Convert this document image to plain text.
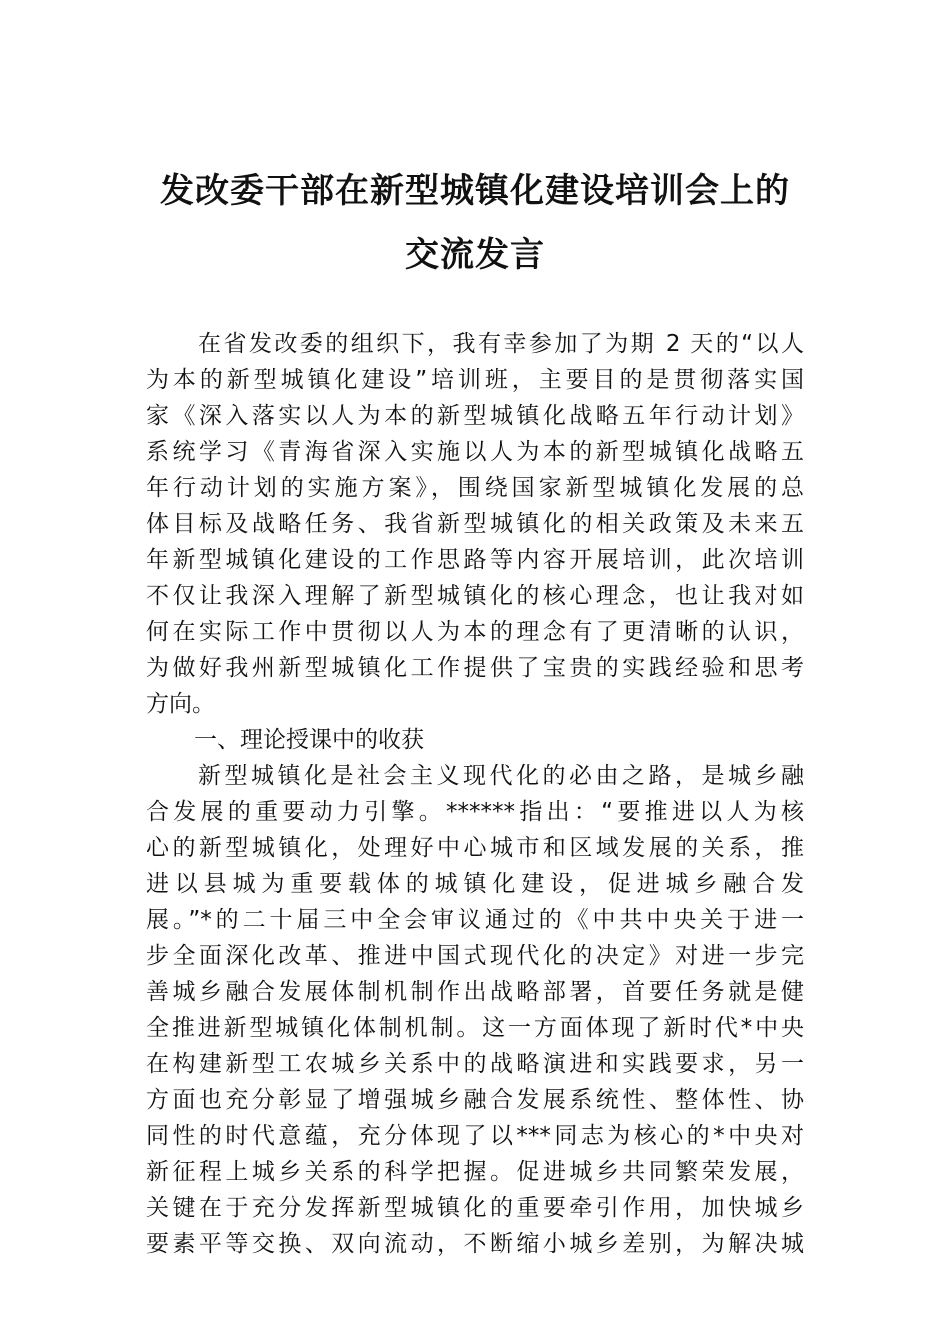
发改委干部在新型城镇化建设培训会上的
交流发言
在省发改委的组织下，我有幸参加了为期 2 天的“以人
为本的新型城镇化建设”培训班，主要目的是贯彻落实国
家《深入落实以人为本的新型城镇化战略五年行动计划》
系统学习《青海省深入实施以人为本的新型城镇化战略五
年行动计划的实施方案》，围绕国家新型城镇化发展的总
体目标及战略任务、我省新型城镇化的相关政策及未来五
年新型城镇化建设的工作思路等内容开展培训，此次培训
不仅让我深入理解了新型城镇化的核心理念，也让我对如
何在实际工作中贯彻以人为本的理念有了更清晰的认识，
为做好我州新型城镇化工作提供了宝贵的实践经验和思考
方向。
一、理论授课中的收获
新型城镇化是社会主义现代化的必由之路，是城乡融
合发展的重要动力引擎。******指出：“要推进以人为核
心的新型城镇化，处理好中心城市和区域发展的关系，推
进以县城为重要载体的城镇化建设，促进城乡融合发
展。”*的二十届三中全会审议通过的《中共中央关于进一
步全面深化改革、推进中国式现代化的决定》对进一步完
善城乡融合发展体制机制作出战略部署，首要任务就是健
全推进新型城镇化体制机制。这一方面体现了新时代*中央
在构建新型工农城乡关系中的战略演进和实践要求，另一
方面也充分彰显了增强城乡融合发展系统性、整体性、协
同性的时代意蕴，充分体现了以***同志为核心的*中央对
新征程上城乡关系的科学把握。促进城乡共同繁荣发展，
关键在于充分发挥新型城镇化的重要牵引作用，加快城乡
要素平等交换、双向流动，不断缩小城乡差别，为解决城
